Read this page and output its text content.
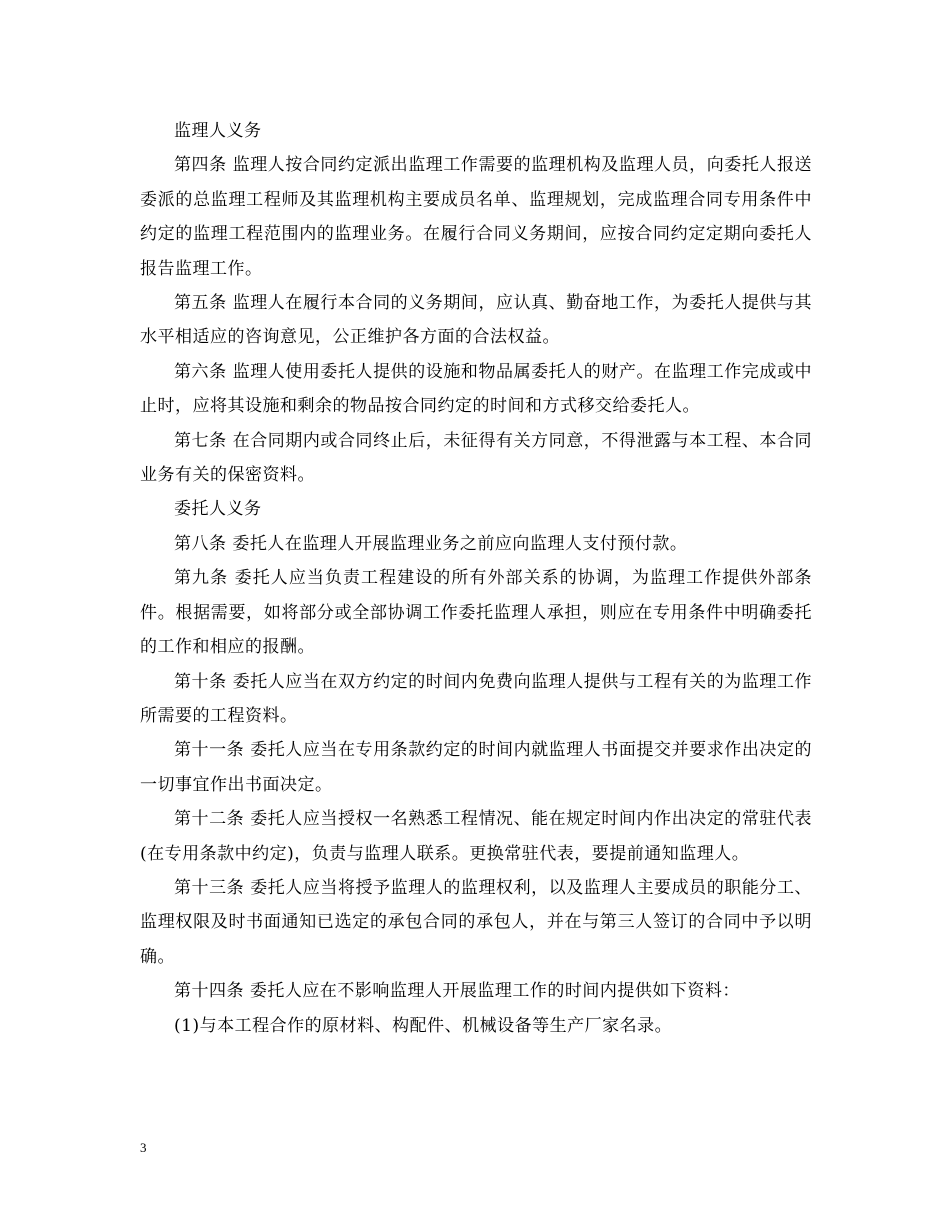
监理人义务

第四条 监理人按合同约定派出监理工作需要的监理机构及监理人员，向委托人报送委派的总监理工程师及其监理机构主要成员名单、监理规划，完成监理合同专用条件中约定的监理工程范围内的监理业务。在履行合同义务期间，应按合同约定定期向委托人报告监理工作。

第五条 监理人在履行本合同的义务期间，应认真、勤奋地工作，为委托人提供与其水平相适应的咨询意见，公正维护各方面的合法权益。

第六条 监理人使用委托人提供的设施和物品属委托人的财产。在监理工作完成或中止时，应将其设施和剩余的物品按合同约定的时间和方式移交给委托人。

第七条 在合同期内或合同终止后，未征得有关方同意，不得泄露与本工程、本合同业务有关的保密资料。

委托人义务

第八条 委托人在监理人开展监理业务之前应向监理人支付预付款。

第九条 委托人应当负责工程建设的所有外部关系的协调，为监理工作提供外部条件。根据需要，如将部分或全部协调工作委托监理人承担，则应在专用条件中明确委托的工作和相应的报酬。

第十条 委托人应当在双方约定的时间内免费向监理人提供与工程有关的为监理工作所需要的工程资料。

第十一条 委托人应当在专用条款约定的时间内就监理人书面提交并要求作出决定的一切事宜作出书面决定。

第十二条 委托人应当授权一名熟悉工程情况、能在规定时间内作出决定的常驻代表(在专用条款中约定)，负责与监理人联系。更换常驻代表，要提前通知监理人。

第十三条 委托人应当将授予监理人的监理权利，以及监理人主要成员的职能分工、监理权限及时书面通知已选定的承包合同的承包人，并在与第三人签订的合同中予以明确。

第十四条 委托人应在不影响监理人开展监理工作的时间内提供如下资料：

(1)与本工程合作的原材料、构配件、机械设备等生产厂家名录。

3
